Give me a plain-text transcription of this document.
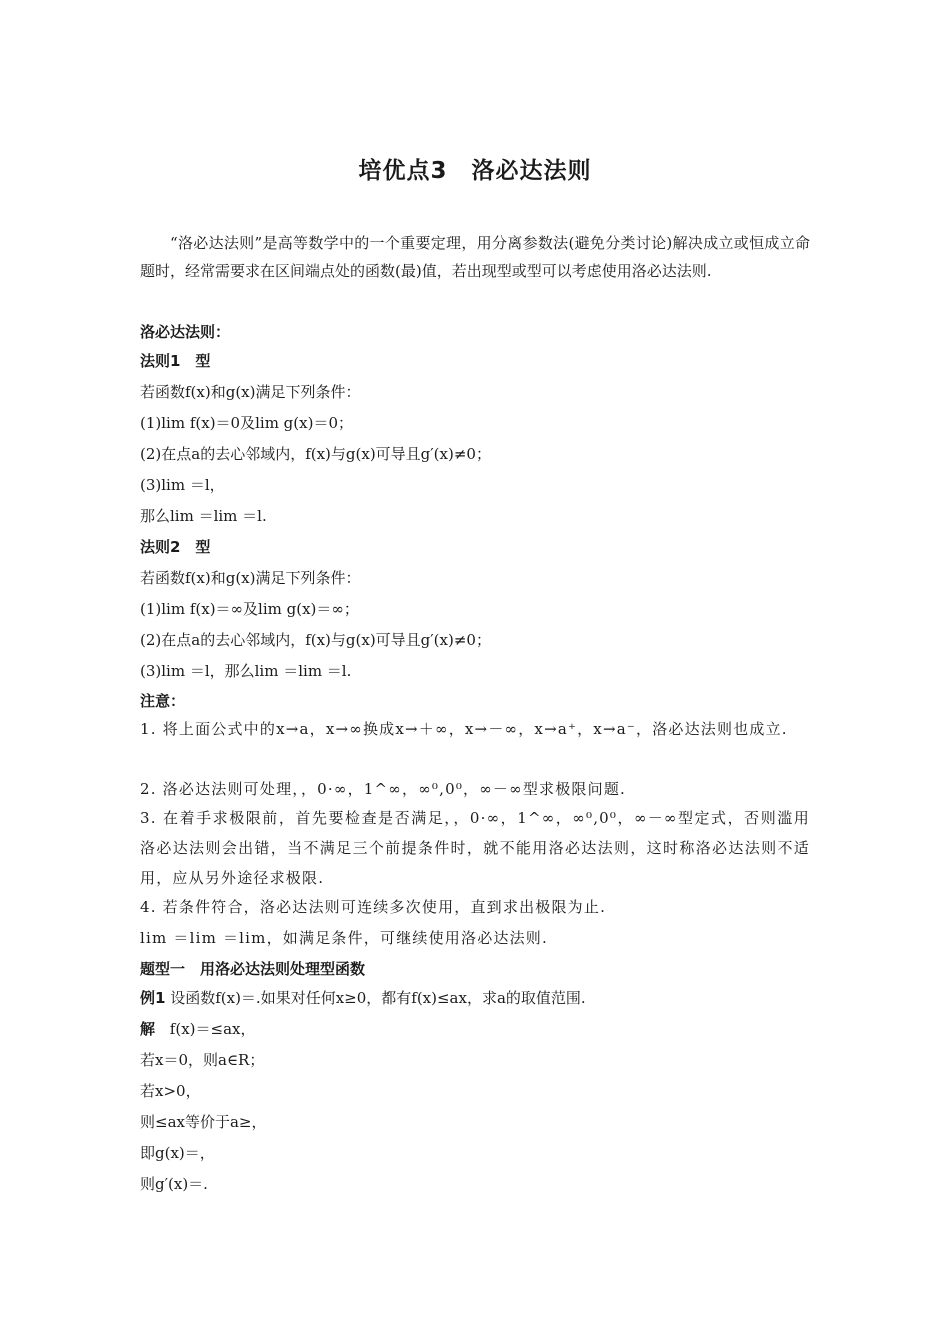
培优点3　洛必达法则
“洛必达法则”是高等数学中的一个重要定理，用分离参数法(避免分类讨论)解决成立或恒成立命题时，经常需要求在区间端点处的函数(最)值，若出现型或型可以考虑使用洛必达法则.
洛必达法则：
法则1　型
若函数f(x)和g(x)满足下列条件：
(1)lim f(x)＝0及lim g(x)＝0；
(2)在点a的去心邻域内，f(x)与g(x)可导且g′(x)≠0；
(3)lim ＝l，
那么lim ＝lim ＝l.
法则2　型
若函数f(x)和g(x)满足下列条件：
(1)lim f(x)＝∞及lim g(x)＝∞；
(2)在点a的去心邻域内，f(x)与g(x)可导且g′(x)≠0；
(3)lim ＝l，那么lim ＝lim ＝l.
注意：
1. 将上面公式中的x→a，x→∞换成x→＋∞，x→－∞，x→a⁺，x→a⁻，洛必达法则也成立.
2. 洛必达法则可处理，，0·∞，1^∞，∞⁰,0⁰，∞－∞型求极限问题.
3. 在着手求极限前，首先要检查是否满足，，0·∞，1^∞，∞⁰,0⁰，∞－∞型定式，否则滥用洛必达法则会出错，当不满足三个前提条件时，就不能用洛必达法则，这时称洛必达法则不适用，应从另外途径求极限.
4. 若条件符合，洛必达法则可连续多次使用，直到求出极限为止.
lim ＝lim ＝lim，如满足条件，可继续使用洛必达法则.
题型一　用洛必达法则处理型函数
例1 设函数f(x)＝.如果对任何x≥0，都有f(x)≤ax，求a的取值范围.
解 f(x)＝≤ax，
若x＝0，则a∈R；
若x>0，
则≤ax等价于a≥，
即g(x)＝，
则g′(x)＝.
